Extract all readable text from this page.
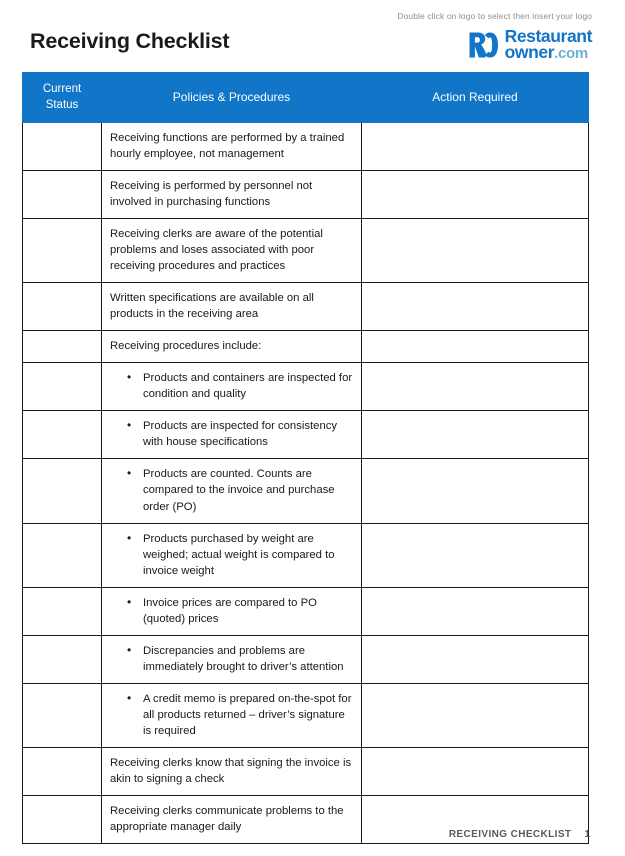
Receiving Checklist
Double click on logo to select then insert your logo
Restaurant
owner.com
Current
Status	Policies & Procedures	Action Required
	Receiving functions are performed by a trained hourly employee, not management	
	Receiving is performed by personnel not involved in purchasing functions	
	Receiving clerks are aware of the potential problems and loses associated with poor receiving procedures and practices	
	Written specifications are available on all products in the receiving area	
	Receiving procedures include:	

	• Products and containers are inspected for condition and quality

	• Products are inspected for consistency with house specifications

	• Products are counted. Counts are compared to the invoice and purchase order (PO)

	• Products purchased by weight are weighed; actual weight is compared to invoice weight

	• Invoice prices are compared to PO (quoted) prices

	• Discrepancies and problems are immediately brought to driver’s attention

	• A credit memo is prepared on-the-spot for all products returned – driver’s signature is required

	Receiving clerks know that signing the invoice is akin to signing a check	
	Receiving clerks communicate problems to the appropriate manager daily	
RECEIVING CHECKLIST 1
